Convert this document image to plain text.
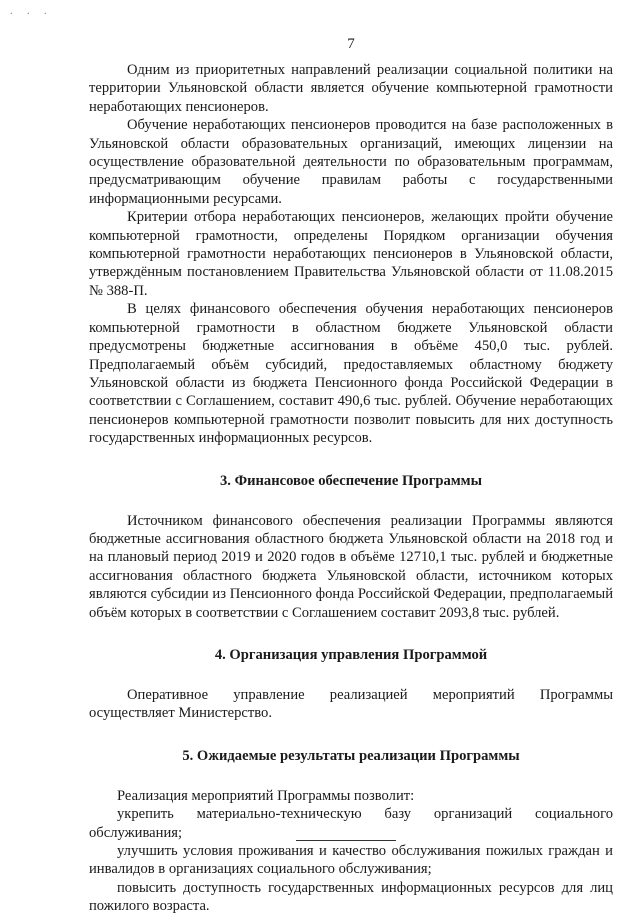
. . .
7

Одним из приоритетных направлений реализации социальной политики на территории Ульяновской области является обучение компьютерной грамотности неработающих пенсионеров.

Обучение неработающих пенсионеров проводится на базе расположенных в Ульяновской области образовательных организаций, имеющих лицензии на осуществление образовательной деятельности по образовательным программам, предусматривающим обучение правилам работы с государственными информационными ресурсами.

Критерии отбора неработающих пенсионеров, желающих пройти обучение компьютерной грамотности, определены Порядком организации обучения компьютерной грамотности неработающих пенсионеров в Ульяновской области, утверждённым постановлением Правительства Ульяновской области от 11.08.2015 № 388-П.

В целях финансового обеспечения обучения неработающих пенсионеров компьютерной грамотности в областном бюджете Ульяновской области предусмотрены бюджетные ассигнования в объёме 450,0 тыс. рублей. Предполагаемый объём субсидий, предоставляемых областному бюджету Ульяновской области из бюджета Пенсионного фонда Российской Федерации в соответствии с Соглашением, составит 490,6 тыс. рублей. Обучение неработающих пенсионеров компьютерной грамотности позволит повысить для них доступность государственных информационных ресурсов.

3. Финансовое обеспечение Программы

Источником финансового обеспечения реализации Программы являются бюджетные ассигнования областного бюджета Ульяновской области на 2018 год и на плановый период 2019 и 2020 годов в объёме 12710,1 тыс. рублей и бюджетные ассигнования областного бюджета Ульяновской области, источником которых являются субсидии из Пенсионного фонда Российской Федерации, предполагаемый объём которых в соответствии с Соглашением составит 2093,8 тыс. рублей.

4. Организация управления Программой

Оперативное управление реализацией мероприятий Программы осуществляет Министерство.

5. Ожидаемые результаты реализации Программы

Реализация мероприятий Программы позволит:

укрепить материально-техническую базу организаций социального обслуживания;

улучшить условия проживания и качество обслуживания пожилых граждан и инвалидов в организациях социального обслуживания;

повысить доступность государственных информационных ресурсов для лиц пожилого возраста.
